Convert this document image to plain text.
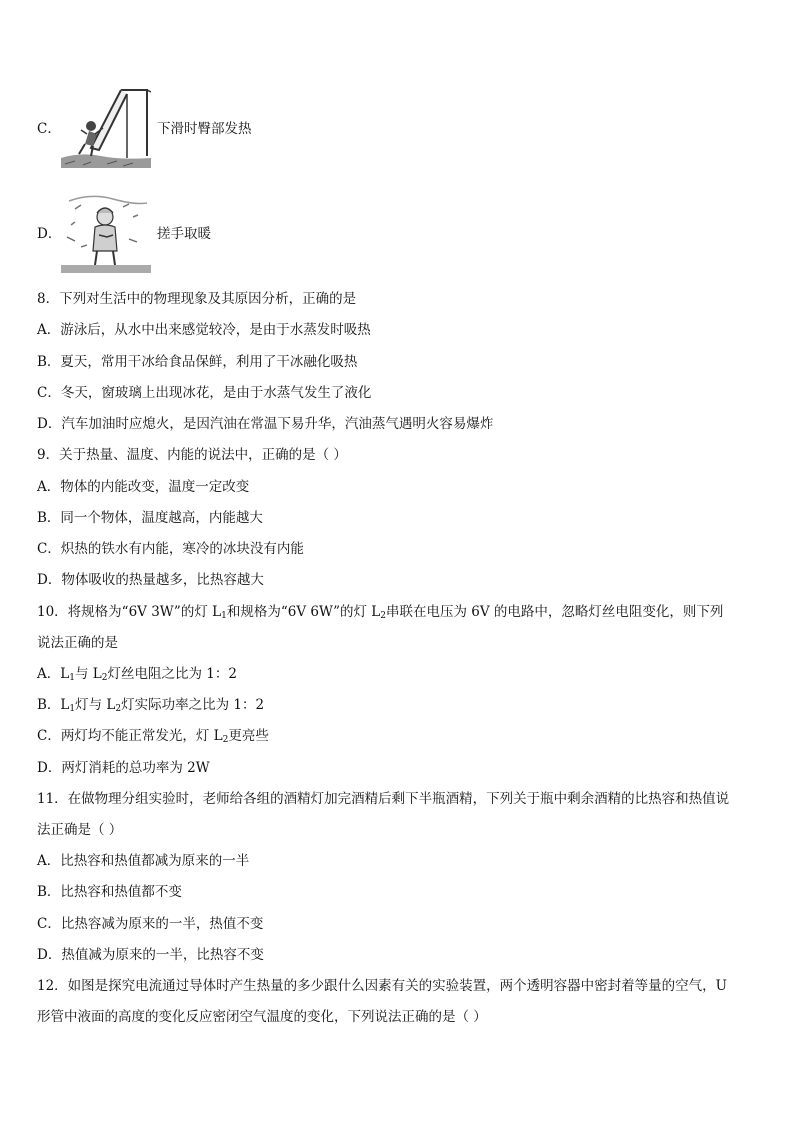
C．	下滑时臀部发热
D．	搓手取暖
8．下列对生活中的物理现象及其原因分析，正确的是
A．游泳后，从水中出来感觉较冷，是由于水蒸发时吸热
B．夏天，常用干冰给食品保鲜，利用了干冰融化吸热
C．冬天，窗玻璃上出现冰花，是由于水蒸气发生了液化
D．汽车加油时应熄火，是因汽油在常温下易升华，汽油蒸气遇明火容易爆炸
9．关于热量、温度、内能的说法中，正确的是（ ）
A．物体的内能改变，温度一定改变
B．同一个物体，温度越高，内能越大
C．炽热的铁水有内能，寒冷的冰块没有内能
D．物体吸收的热量越多，比热容越大
10．将规格为“6V 3W”的灯 $L_1$和规格为“6V 6W”的灯 $L_2$串联在电压为 6V 的电路中，忽略灯丝电阻变化，则下列
说法正确的是
A．$L_1$与 $L_2$灯丝电阻之比为 1：2
B．$L_1$灯与 $L_2$灯实际功率之比为 1：2
C．两灯均不能正常发光，灯 $L_2$更亮些
D．两灯消耗的总功率为 2W
11．在做物理分组实验时，老师给各组的酒精灯加完酒精后剩下半瓶酒精，下列关于瓶中剩余酒精的比热容和热值说
法正确是（ ）
A．比热容和热值都减为原来的一半
B．比热容和热值都不变
C．比热容减为原来的一半，热值不变
D．热值减为原来的一半，比热容不变
12．如图是探究电流通过导体时产生热量的多少跟什么因素有关的实验装置，两个透明容器中密封着等量的空气，U
形管中液面的高度的变化反应密闭空气温度的变化，下列说法正确的是（ ）
